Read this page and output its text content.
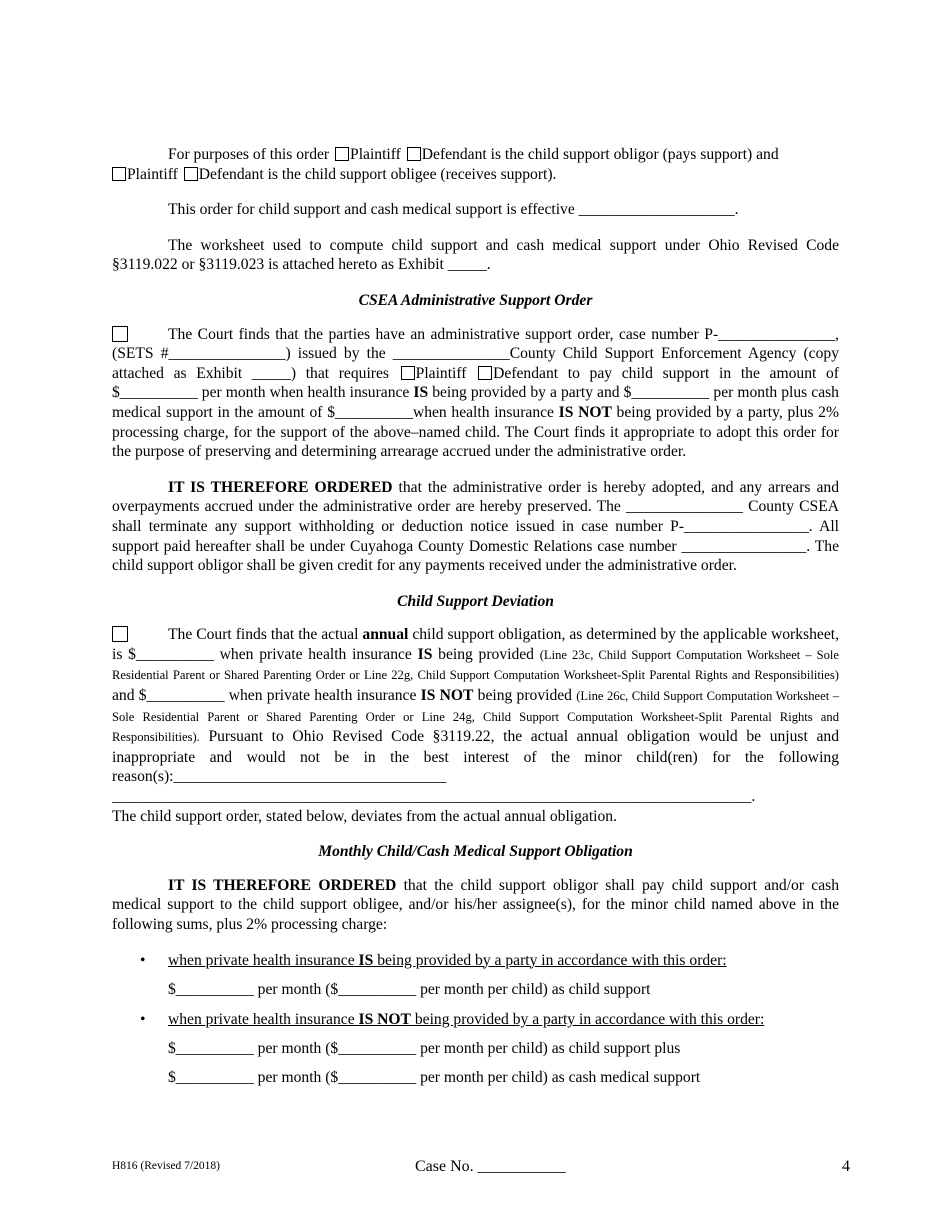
For purposes of this order Plaintiff Defendant is the child support obligor (pays support) and
Plaintiff Defendant is the child support obligee (receives support).

This order for child support and cash medical support is effective ____________________.

The worksheet used to compute child support and cash medical support under Ohio Revised Code §3119.022 or §3119.023 is attached hereto as Exhibit _____.

CSEA Administrative Support Order

The Court finds that the parties have an administrative support order, case number P-_______________, (SETS #_______________) issued by the _______________County Child Support Enforcement Agency (copy attached as Exhibit _____) that requires Plaintiff Defendant to pay child support in the amount of $__________ per month when health insurance IS being provided by a party and $__________ per month plus cash medical support in the amount of $__________when health insurance IS NOT being provided by a party, plus 2% processing charge, for the support of the above–named child. The Court finds it appropriate to adopt this order for the purpose of preserving and determining arrearage accrued under the administrative order.

IT IS THEREFORE ORDERED that the administrative order is hereby adopted, and any arrears and overpayments accrued under the administrative order are hereby preserved. The _______________ County CSEA shall terminate any support withholding or deduction notice issued in case number P-________________. All support paid hereafter shall be under Cuyahoga County Domestic Relations case number ________________. The child support obligor shall be given credit for any payments received under the administrative order.

Child Support Deviation

The Court finds that the actual annual child support obligation, as determined by the applicable worksheet, is $__________ when private health insurance IS being provided (Line 23c, Child Support Computation Worksheet – Sole Residential Parent or Shared Parenting Order or Line 22g, Child Support Computation Worksheet-Split Parental Rights and Responsibilities) and $__________ when private health insurance IS NOT being provided (Line 26c, Child Support Computation Worksheet – Sole Residential Parent or Shared Parenting Order or Line 24g, Child Support Computation Worksheet-Split Parental Rights and Responsibilities). Pursuant to Ohio Revised Code §3119.22, the actual annual obligation would be unjust and inappropriate and would not be in the best interest of the minor child(ren) for the following reason(s):___________________________________

__________________________________________________________________________________.

The child support order, stated below, deviates from the actual annual obligation.

Monthly Child/Cash Medical Support Obligation

IT IS THEREFORE ORDERED that the child support obligor shall pay child support and/or cash medical support to the child support obligee, and/or his/her assignee(s), for the minor child named above in the following sums, plus 2% processing charge:

• when private health insurance IS being provided by a party in accordance with this order:
$__________ per month ($__________ per month per child) as child support
• when private health insurance IS NOT being provided by a party in accordance with this order:
$__________ per month ($__________ per month per child) as child support plus
$__________ per month ($__________ per month per child) as cash medical support
H816 (Revised 7/2018)	Case No. ___________	4
